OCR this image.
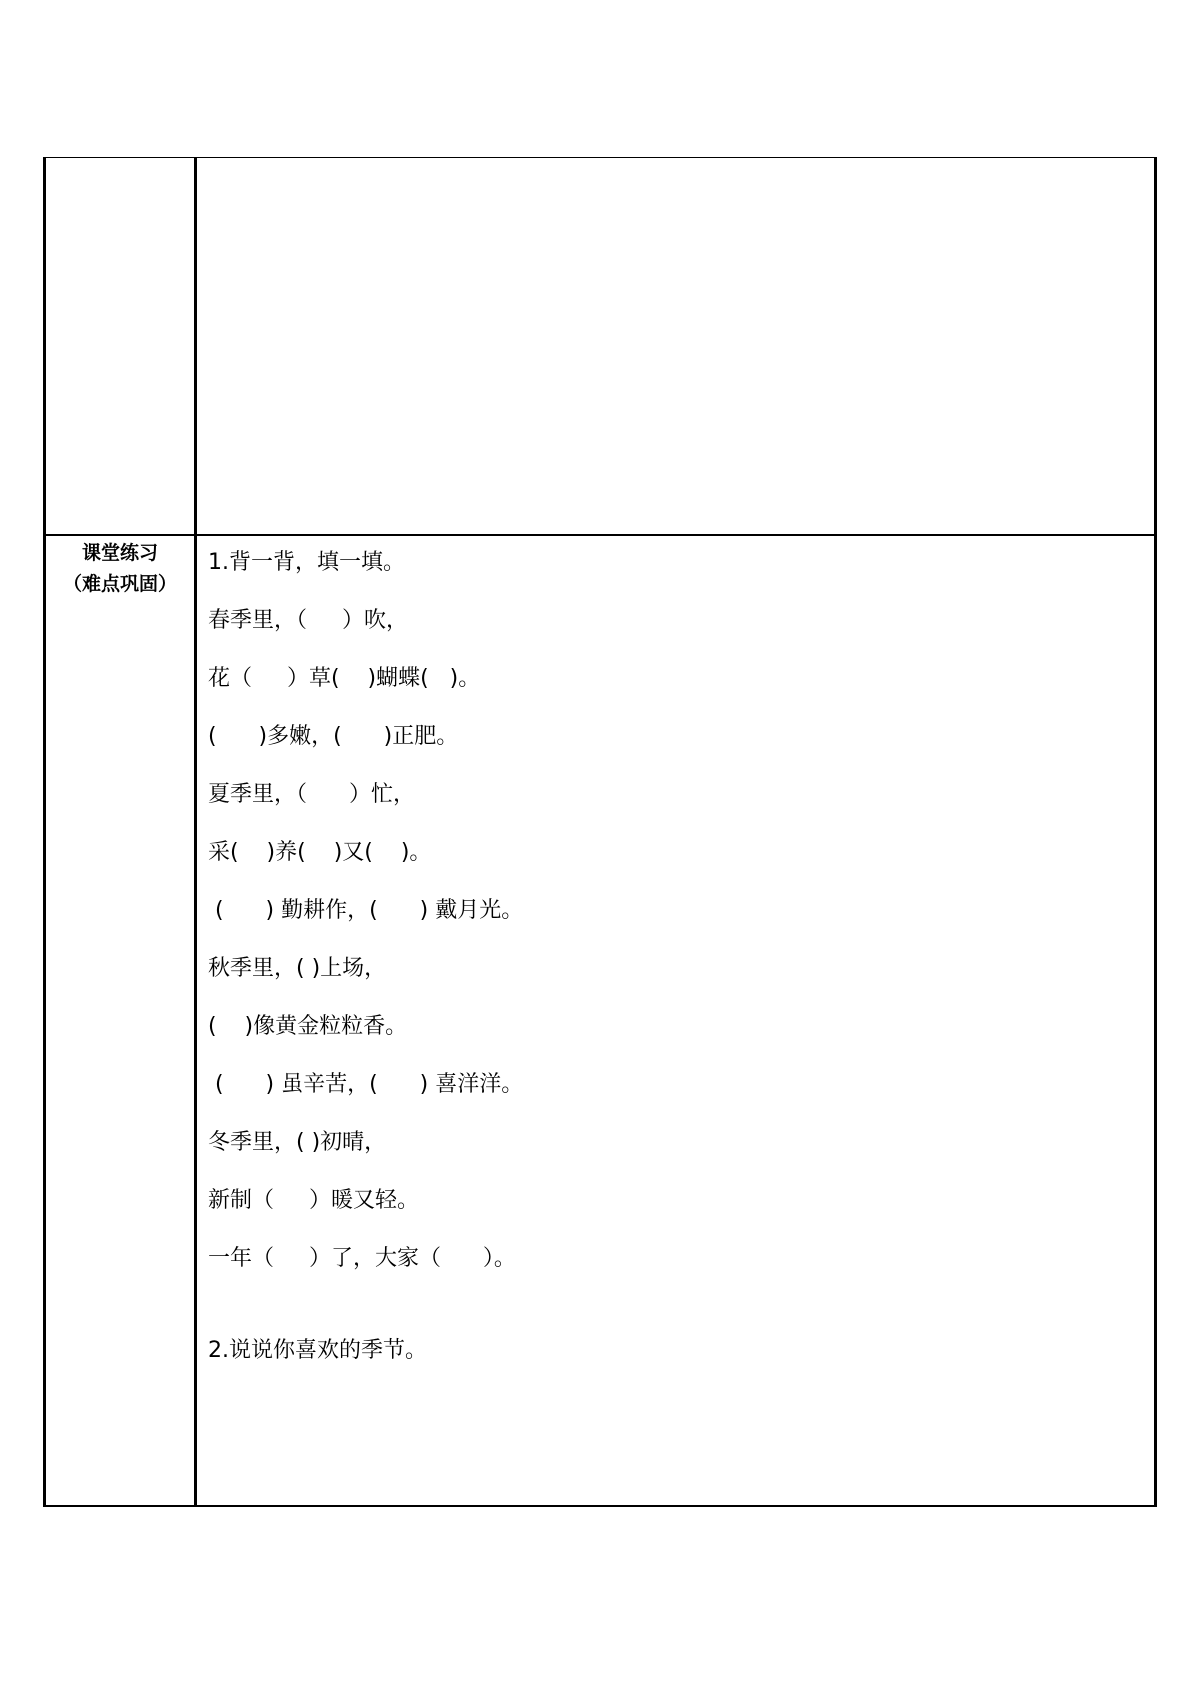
课堂练习
（难点巩固）
1.背一背，填一填。
春季里，（     ）吹，
花（     ）草(    )蝴蝶(   )。
(      )多嫩，(      )正肥。
夏季里，（      ）忙，
采(    )养(    )又(    )。
(      ) 勤耕作，(      ) 戴月光。
秋季里，( )上场，
(    )像黄金粒粒香。
(      ) 虽辛苦，(      ) 喜洋洋。
冬季里，( )初晴，
新制（     ）暖又轻。
一年（     ）了，大家（      ）。
2.说说你喜欢的季节。
